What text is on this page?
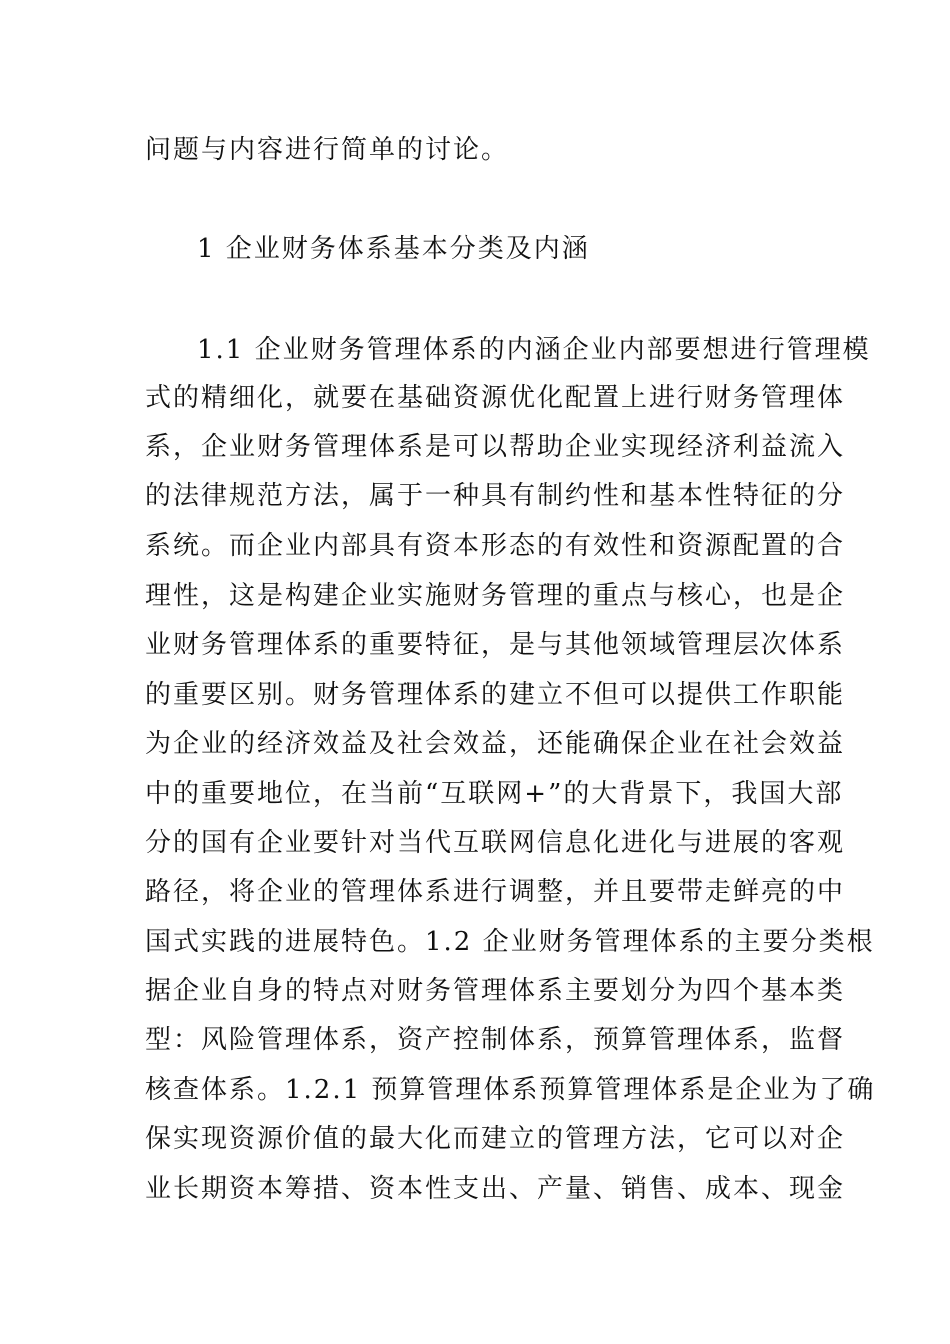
问题与内容进行简单的讨论。
1 企业财务体系基本分类及内涵
1.1 企业财务管理体系的内涵企业内部要想进行管理模
式的精细化，就要在基础资源优化配置上进行财务管理体
系，企业财务管理体系是可以帮助企业实现经济利益流入
的法律规范方法，属于一种具有制约性和基本性特征的分
系统。而企业内部具有资本形态的有效性和资源配置的合
理性，这是构建企业实施财务管理的重点与核心，也是企
业财务管理体系的重要特征，是与其他领域管理层次体系
的重要区别。财务管理体系的建立不但可以提供工作职能
为企业的经济效益及社会效益，还能确保企业在社会效益
中的重要地位，在当前“互联网+”的大背景下，我国大部
分的国有企业要针对当代互联网信息化进化与进展的客观
路径，将企业的管理体系进行调整，并且要带走鲜亮的中
国式实践的进展特色。1.2 企业财务管理体系的主要分类根
据企业自身的特点对财务管理体系主要划分为四个基本类
型：风险管理体系，资产控制体系，预算管理体系，监督
核查体系。1.2.1 预算管理体系预算管理体系是企业为了确
保实现资源价值的最大化而建立的管理方法，它可以对企
业长期资本筹措、资本性支出、产量、销售、成本、现金
